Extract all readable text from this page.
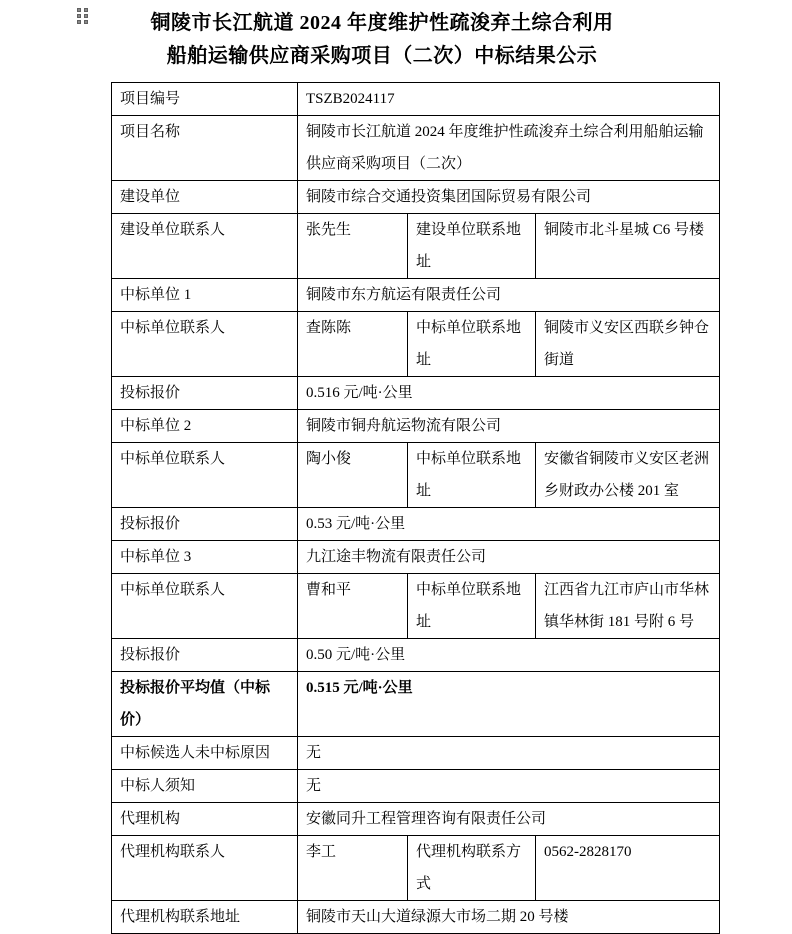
铜陵市长江航道 2024 年度维护性疏浚弃土综合利用
船舶运输供应商采购项目（二次）中标结果公示
项目编号	TSZB2024117		
项目名称	铜陵市长江航道 2024 年度维护性疏浚弃土综合利用船舶运输供应商采购项目（二次）		
建设单位	铜陵市综合交通投资集团国际贸易有限公司		
建设单位联系人	张先生	建设单位联系地址	铜陵市北斗星城 C6 号楼
中标单位 1	铜陵市东方航运有限责任公司		
中标单位联系人	查陈陈	中标单位联系地址	铜陵市义安区西联乡钟仓街道
投标报价	0.516 元/吨·公里		
中标单位 2	铜陵市铜舟航运物流有限公司		
中标单位联系人	陶小俊	中标单位联系地址	安徽省铜陵市义安区老洲乡财政办公楼 201 室
投标报价	0.53 元/吨·公里		
中标单位 3	九江途丰物流有限责任公司		
中标单位联系人	曹和平	中标单位联系地址	江西省九江市庐山市华林镇华林街 181 号附 6 号
投标报价	0.50 元/吨·公里		
投标报价平均值（中标价）	0.515 元/吨·公里		
中标候选人未中标原因	无		
中标人须知	无		
代理机构	安徽同升工程管理咨询有限责任公司		
代理机构联系人	李工	代理机构联系方式	0562-2828170
代理机构联系地址	铜陵市天山大道绿源大市场二期 20 号楼		
